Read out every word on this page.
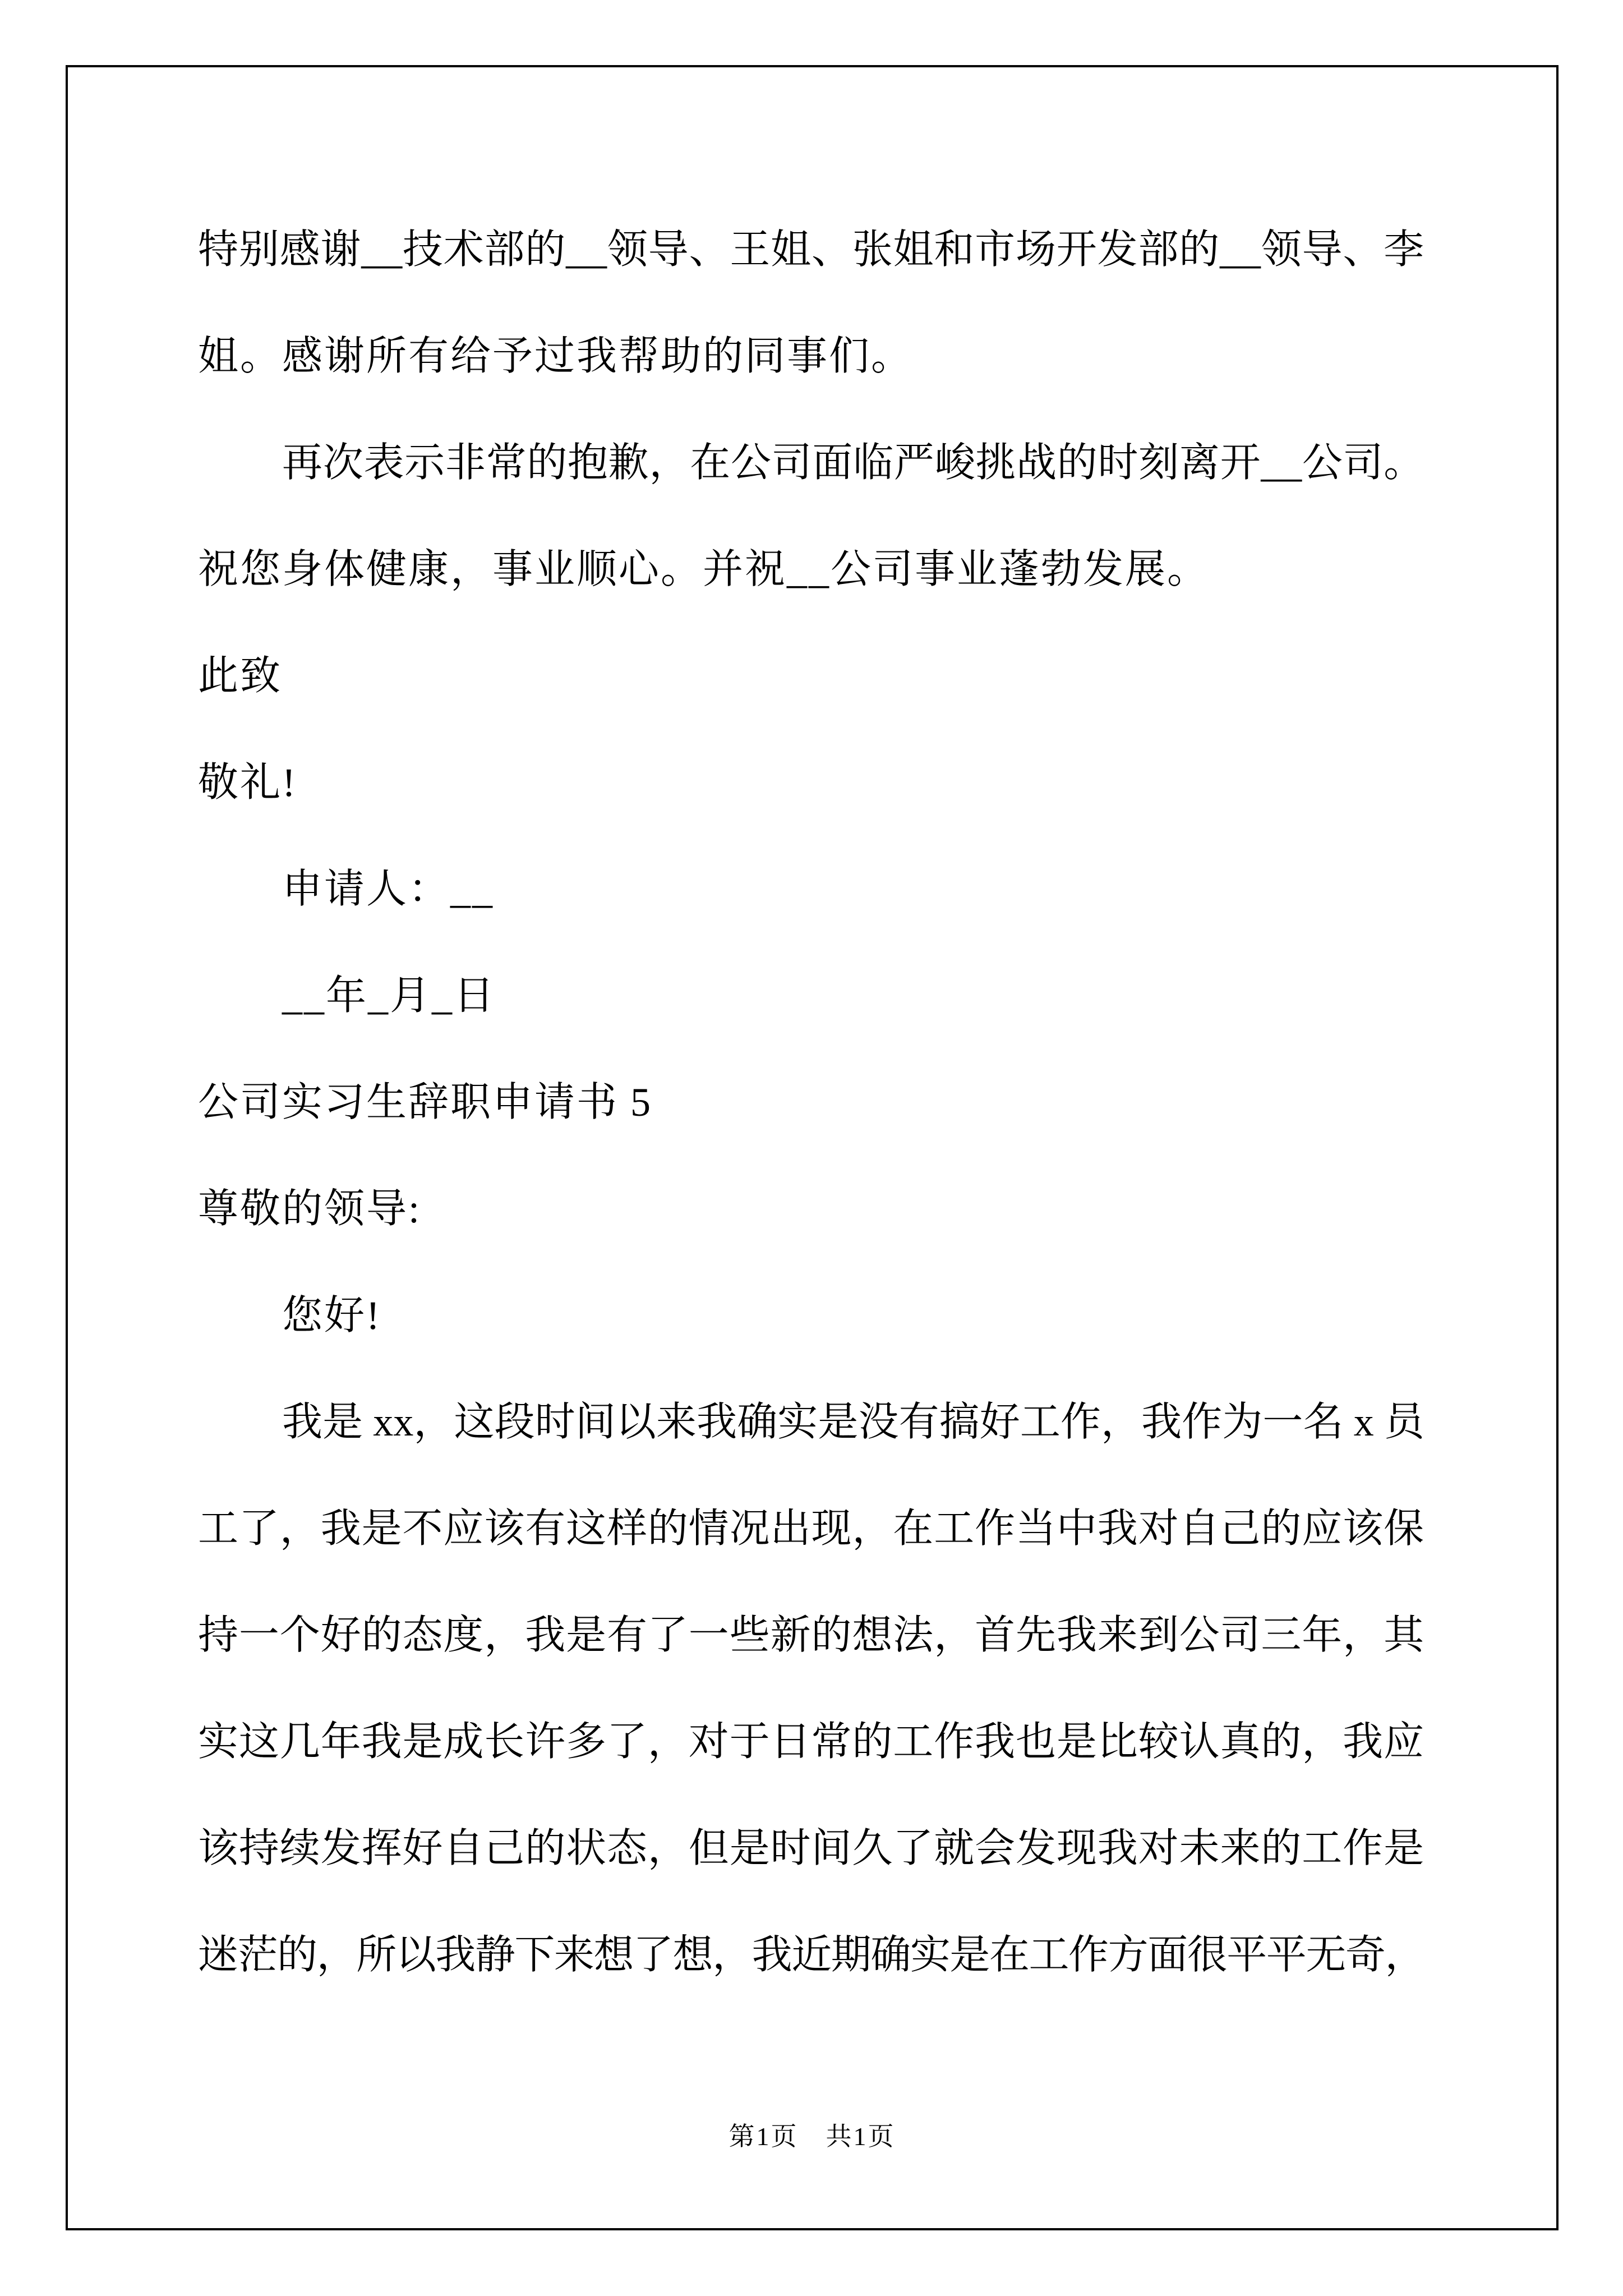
特别感谢__技术部的__领导、王姐、张姐和市场开发部的__领导、李
姐。感谢所有给予过我帮助的同事们。
再次表示非常的抱歉，在公司面临严峻挑战的时刻离开__公司。
祝您身体健康，事业顺心。并祝__公司事业蓬勃发展。
此致
敬礼!
申请人：__
__年_月_日
公司实习生辞职申请书 5
尊敬的领导:
您好!
我是 xx，这段时间以来我确实是没有搞好工作，我作为一名 x 员
工了，我是不应该有这样的情况出现，在工作当中我对自己的应该保
持一个好的态度，我是有了一些新的想法，首先我来到公司三年，其
实这几年我是成长许多了，对于日常的工作我也是比较认真的，我应
该持续发挥好自己的状态，但是时间久了就会发现我对未来的工作是
迷茫的，所以我静下来想了想，我近期确实是在工作方面很平平无奇，
第1页　共1页
